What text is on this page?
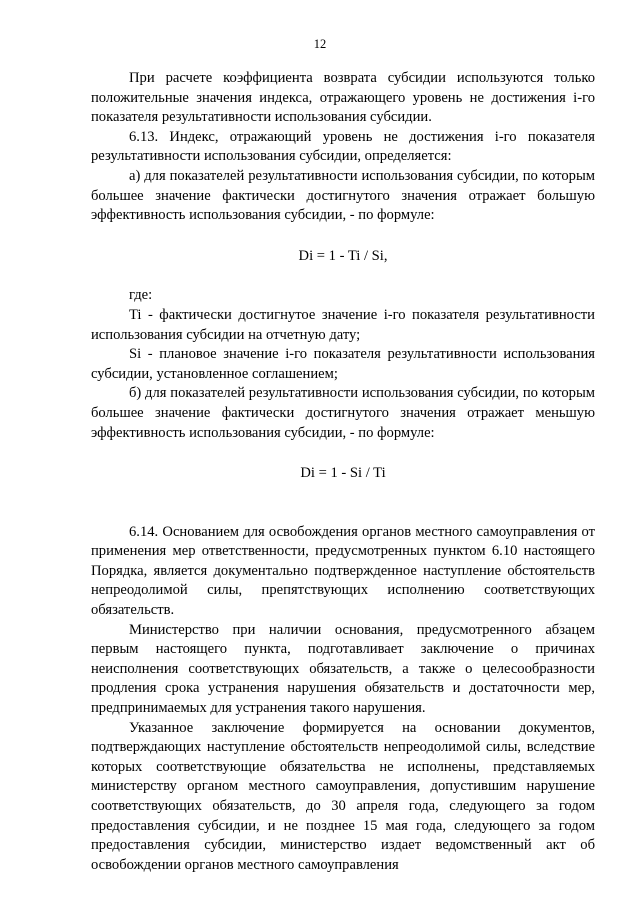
12

При расчете коэффициента возврата субсидии используются только положительные значения индекса, отражающего уровень не достижения i-го показателя результативности использования субсидии.

6.13. Индекс, отражающий уровень не достижения i-го показателя результативности использования субсидии, определяется:

а) для показателей результативности использования субсидии, по которым большее значение фактически достигнутого значения отражает большую эффективность использования субсидии, - по формуле:

Di = 1 - Ti / Si,

где:

Ti - фактически достигнутое значение i-го показателя результативности использования субсидии на отчетную дату;

Si - плановое значение i-го показателя результативности использования субсидии, установленное соглашением;

б) для показателей результативности использования субсидии, по которым большее значение фактически достигнутого значения отражает меньшую эффективность использования субсидии, - по формуле:

Di = 1 - Si / Ti

6.14. Основанием для освобождения органов местного самоуправления от применения мер ответственности, предусмотренных пунктом 6.10 настоящего Порядка, является документально подтвержденное наступление обстоятельств непреодолимой силы, препятствующих исполнению соответствующих обязательств.

Министерство при наличии основания, предусмотренного абзацем первым настоящего пункта, подготавливает заключение о причинах неисполнения соответствующих обязательств, а также о целесообразности продления срока устранения нарушения обязательств и достаточности мер, предпринимаемых для устранения такого нарушения.

Указанное заключение формируется на основании документов, подтверждающих наступление обстоятельств непреодолимой силы, вследствие которых соответствующие обязательства не исполнены, представляемых министерству органом местного самоуправления, допустившим нарушение соответствующих обязательств, до 30 апреля года, следующего за годом предоставления субсидии, и не позднее 15 мая года, следующего за годом предоставления субсидии, министерство издает ведомственный акт об освобождении органов местного самоуправления
